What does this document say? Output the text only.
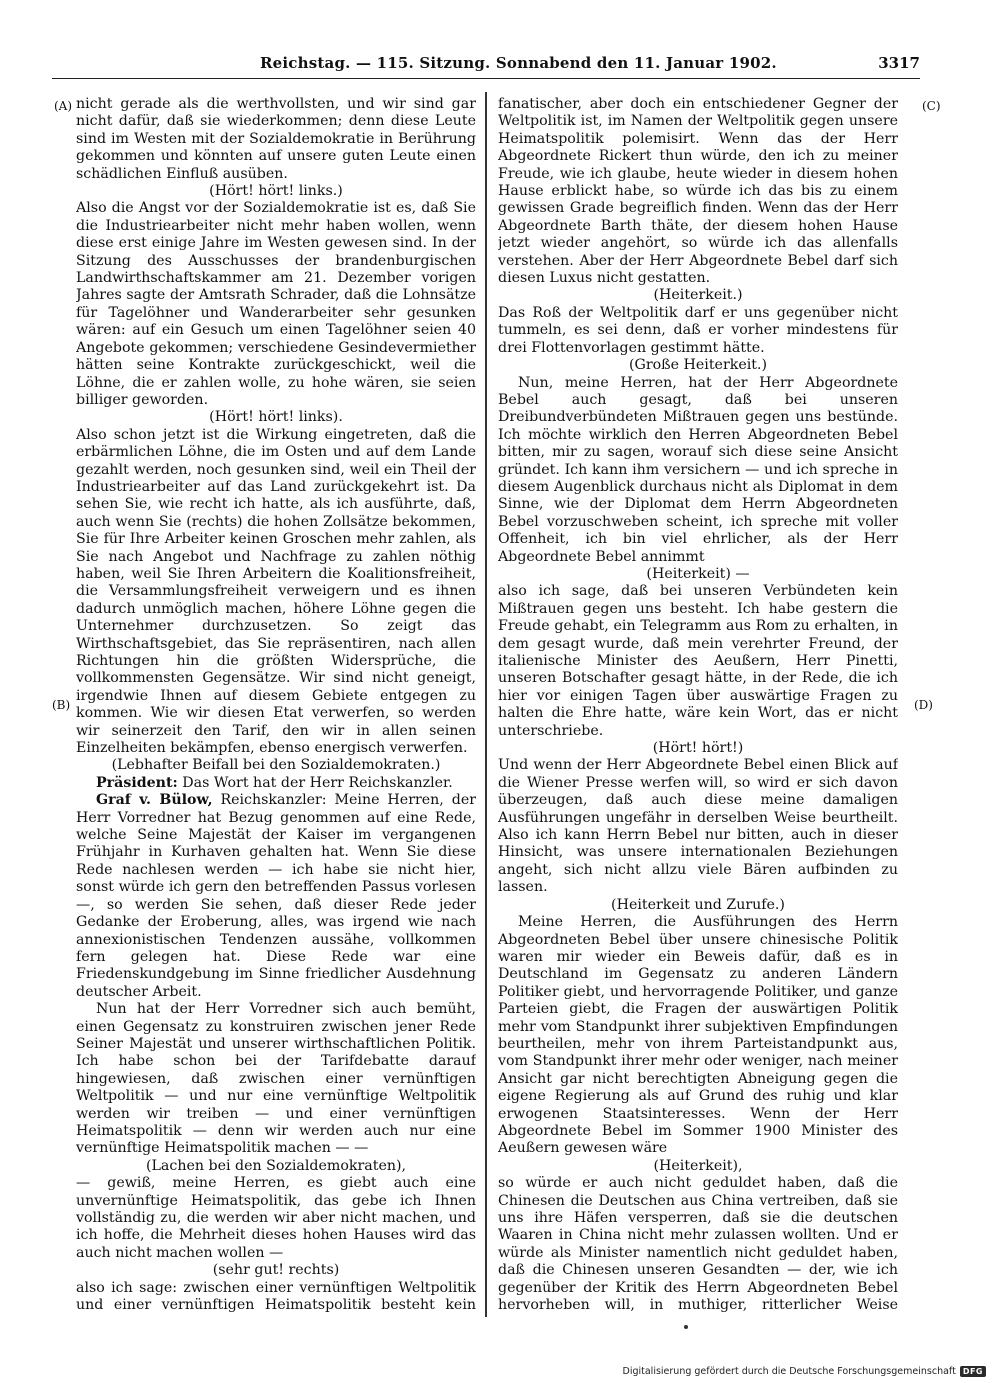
Reichstag. — 115. Sitzung. Sonnabend den 11. Januar 1902.	3317
(A)
(B)
(C)
(D)
nicht gerade als die werthvollsten, und wir sind gar nicht dafür, daß sie wiederkommen; denn diese Leute sind im Westen mit der Sozialdemokratie in Berührung gekommen und könnten auf unsere guten Leute einen schädlichen Einfluß ausüben.
(Hört! hört! links.)
Also die Angst vor der Sozialdemokratie ist es, daß Sie die Industriearbeiter nicht mehr haben wollen, wenn diese erst einige Jahre im Westen gewesen sind. In der Sitzung des Ausschusses der brandenburgischen Landwirthschaftskammer am 21. Dezember vorigen Jahres sagte der Amtsrath Schrader, daß die Lohnsätze für Tagelöhner und Wanderarbeiter sehr gesunken wären: auf ein Gesuch um einen Tagelöhner seien 40 Angebote gekommen; verschiedene Gesindevermiether hätten seine Kontrakte zurückgeschickt, weil die Löhne, die er zahlen wolle, zu hohe wären, sie seien billiger geworden.
(Hört! hört! links).
Also schon jetzt ist die Wirkung eingetreten, daß die erbärmlichen Löhne, die im Osten und auf dem Lande gezahlt werden, noch gesunken sind, weil ein Theil der Industriearbeiter auf das Land zurückgekehrt ist. Da sehen Sie, wie recht ich hatte, als ich ausführte, daß, auch wenn Sie (rechts) die hohen Zollsätze bekommen, Sie für Ihre Arbeiter keinen Groschen mehr zahlen, als Sie nach Angebot und Nachfrage zu zahlen nöthig haben, weil Sie Ihren Arbeitern die Koalitionsfreiheit, die Versammlungsfreiheit verweigern und es ihnen dadurch unmöglich machen, höhere Löhne gegen die Unternehmer durchzusetzen. So zeigt das Wirthschaftsgebiet, das Sie repräsentiren, nach allen Richtungen hin die größten Widersprüche, die vollkommensten Gegensätze. Wir sind nicht geneigt, irgendwie Ihnen auf diesem Gebiete entgegen zu kommen. Wie wir diesen Etat verwerfen, so werden wir seinerzeit den Tarif, den wir in allen seinen Einzelheiten bekämpfen, ebenso energisch verwerfen.
(Lebhafter Beifall bei den Sozialdemokraten.)
Präsident: Das Wort hat der Herr Reichskanzler.
Graf v. Bülow, Reichskanzler: Meine Herren, der Herr Vorredner hat Bezug genommen auf eine Rede, welche Seine Majestät der Kaiser im vergangenen Frühjahr in Kurhaven gehalten hat. Wenn Sie diese Rede nachlesen werden — ich habe sie nicht hier, sonst würde ich gern den betreffenden Passus vorlesen —, so werden Sie sehen, daß dieser Rede jeder Gedanke der Eroberung, alles, was irgend wie nach annexionistischen Tendenzen aussähe, vollkommen fern gelegen hat. Diese Rede war eine Friedenskundgebung im Sinne friedlicher Ausdehnung deutscher Arbeit.
Nun hat der Herr Vorredner sich auch bemüht, einen Gegensatz zu konstruiren zwischen jener Rede Seiner Majestät und unserer wirthschaftlichen Politik. Ich habe schon bei der Tarifdebatte darauf hingewiesen, daß zwischen einer vernünftigen Weltpolitik — und nur eine vernünftige Weltpolitik werden wir treiben — und einer vernünftigen Heimatspolitik — denn wir werden auch nur eine vernünftige Heimatspolitik machen — —
(Lachen bei den Sozialdemokraten),
— gewiß, meine Herren, es giebt auch eine unvernünftige Heimatspolitik, das gebe ich Ihnen vollständig zu, die werden wir aber nicht machen, und ich hoffe, die Mehrheit dieses hohen Hauses wird das auch nicht machen wollen —
(sehr gut! rechts)
also ich sage: zwischen einer vernünftigen Weltpolitik und einer vernünftigen Heimatspolitik besteht kein
fanatischer, aber doch ein entschiedener Gegner der Weltpolitik ist, im Namen der Weltpolitik gegen unsere Heimatspolitik polemisirt. Wenn das der Herr Abgeordnete Rickert thun würde, den ich zu meiner Freude, wie ich glaube, heute wieder in diesem hohen Hause erblickt habe, so würde ich das bis zu einem gewissen Grade begreiflich finden. Wenn das der Herr Abgeordnete Barth thäte, der diesem hohen Hause jetzt wieder angehört, so würde ich das allenfalls verstehen. Aber der Herr Abgeordnete Bebel darf sich diesen Luxus nicht gestatten.
(Heiterkeit.)
Das Roß der Weltpolitik darf er uns gegenüber nicht tummeln, es sei denn, daß er vorher mindestens für drei Flottenvorlagen gestimmt hätte.
(Große Heiterkeit.)
Nun, meine Herren, hat der Herr Abgeordnete Bebel auch gesagt, daß bei unseren Dreibundverbündeten Mißtrauen gegen uns bestünde. Ich möchte wirklich den Herren Abgeordneten Bebel bitten, mir zu sagen, worauf sich diese seine Ansicht gründet. Ich kann ihm versichern — und ich spreche in diesem Augenblick durchaus nicht als Diplomat in dem Sinne, wie der Diplomat dem Herrn Abgeordneten Bebel vorzuschweben scheint, ich spreche mit voller Offenheit, ich bin viel ehrlicher, als der Herr Abgeordnete Bebel annimmt
(Heiterkeit) —
also ich sage, daß bei unseren Verbündeten kein Mißtrauen gegen uns besteht. Ich habe gestern die Freude gehabt, ein Telegramm aus Rom zu erhalten, in dem gesagt wurde, daß mein verehrter Freund, der italienische Minister des Aeußern, Herr Pinetti, unseren Botschafter gesagt hätte, in der Rede, die ich hier vor einigen Tagen über auswärtige Fragen zu halten die Ehre hatte, wäre kein Wort, das er nicht unterschriebe.
(Hört! hört!)
Und wenn der Herr Abgeordnete Bebel einen Blick auf die Wiener Presse werfen will, so wird er sich davon überzeugen, daß auch diese meine damaligen Ausführungen ungefähr in derselben Weise beurtheilt. Also ich kann Herrn Bebel nur bitten, auch in dieser Hinsicht, was unsere internationalen Beziehungen angeht, sich nicht allzu viele Bären aufbinden zu lassen.
(Heiterkeit und Zurufe.)
Meine Herren, die Ausführungen des Herrn Abgeordneten Bebel über unsere chinesische Politik waren mir wieder ein Beweis dafür, daß es in Deutschland im Gegensatz zu anderen Ländern Politiker giebt, und hervorragende Politiker, und ganze Parteien giebt, die Fragen der auswärtigen Politik mehr vom Standpunkt ihrer subjektiven Empfindungen beurtheilen, mehr von ihrem Parteistandpunkt aus, vom Standpunkt ihrer mehr oder weniger, nach meiner Ansicht gar nicht berechtigten Abneigung gegen die eigene Regierung als auf Grund des ruhig und klar erwogenen Staatsinteresses. Wenn der Herr Abgeordnete Bebel im Sommer 1900 Minister des Aeußern gewesen wäre
(Heiterkeit),
so würde er auch nicht geduldet haben, daß die Chinesen die Deutschen aus China vertreiben, daß sie uns ihre Häfen versperren, daß sie die deutschen Waaren in China nicht mehr zulassen wollten. Und er würde als Minister namentlich nicht geduldet haben, daß die Chinesen unseren Gesandten — der, wie ich gegenüber der Kritik des Herrn Abgeordneten Bebel hervorheben will, in muthiger, ritterlicher Weise
Digitalisierung gefördert durch die Deutsche Forschungsgemeinschaft DFG
